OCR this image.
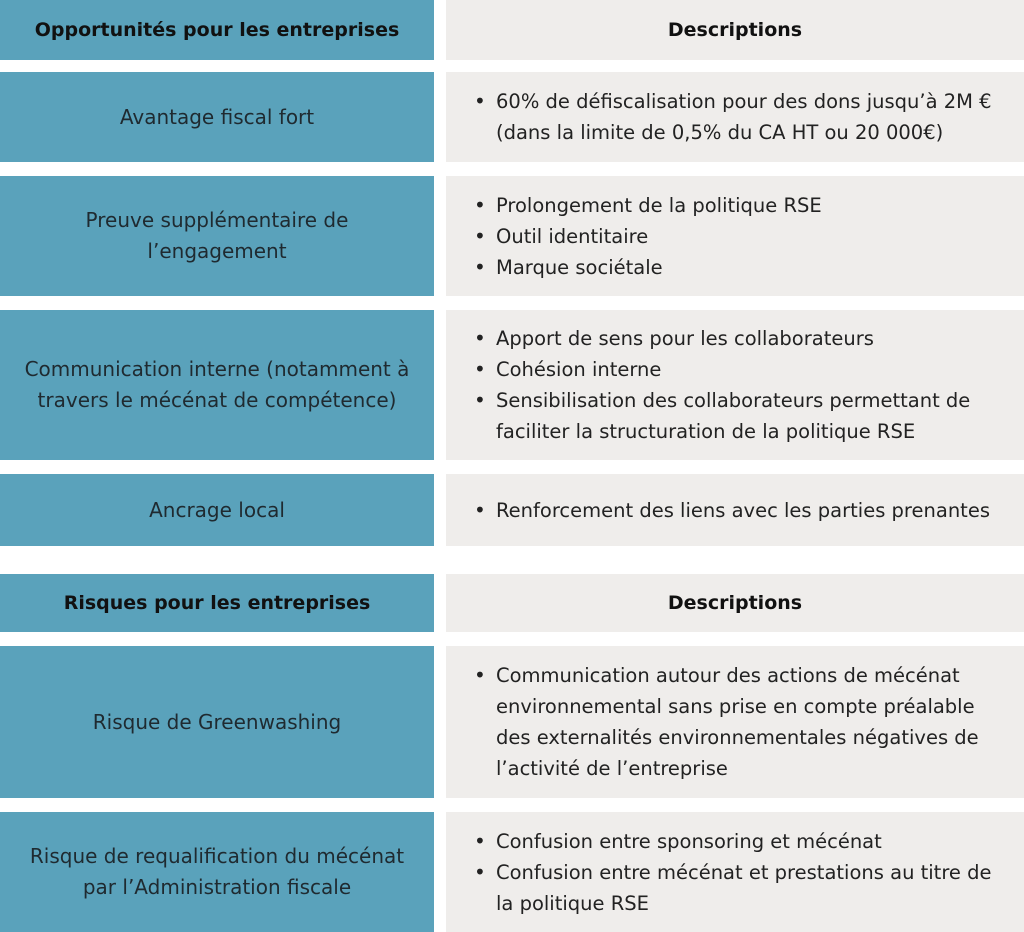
Opportunités pour les entreprises	Descriptions
Avantage fiscal fort
• 60% de défiscalisation pour des dons jusqu’à 2M € (dans la limite de 0,5% du CA HT ou 20 000€)
Preuve supplémentaire de l’engagement
• Prolongement de la politique RSE
• Outil identitaire
• Marque sociétale
Communication interne (notamment à travers le mécénat de compétence)
• Apport de sens pour les collaborateurs
• Cohésion interne
• Sensibilisation des collaborateurs permettant de faciliter la structuration de la politique RSE
Ancrage local
•	Renforcement des liens avec les parties prenantes
Risques pour les entreprises	Descriptions
Risque de Greenwashing
• Communication autour des actions de mécénat environnemental sans prise en compte préalable des externalités environnementales négatives de l’activité de l’entreprise
Risque de requalification du mécénat par l’Administration fiscale
• Confusion entre sponsoring et mécénat
• Confusion entre mécénat et prestations au titre de la politique RSE
